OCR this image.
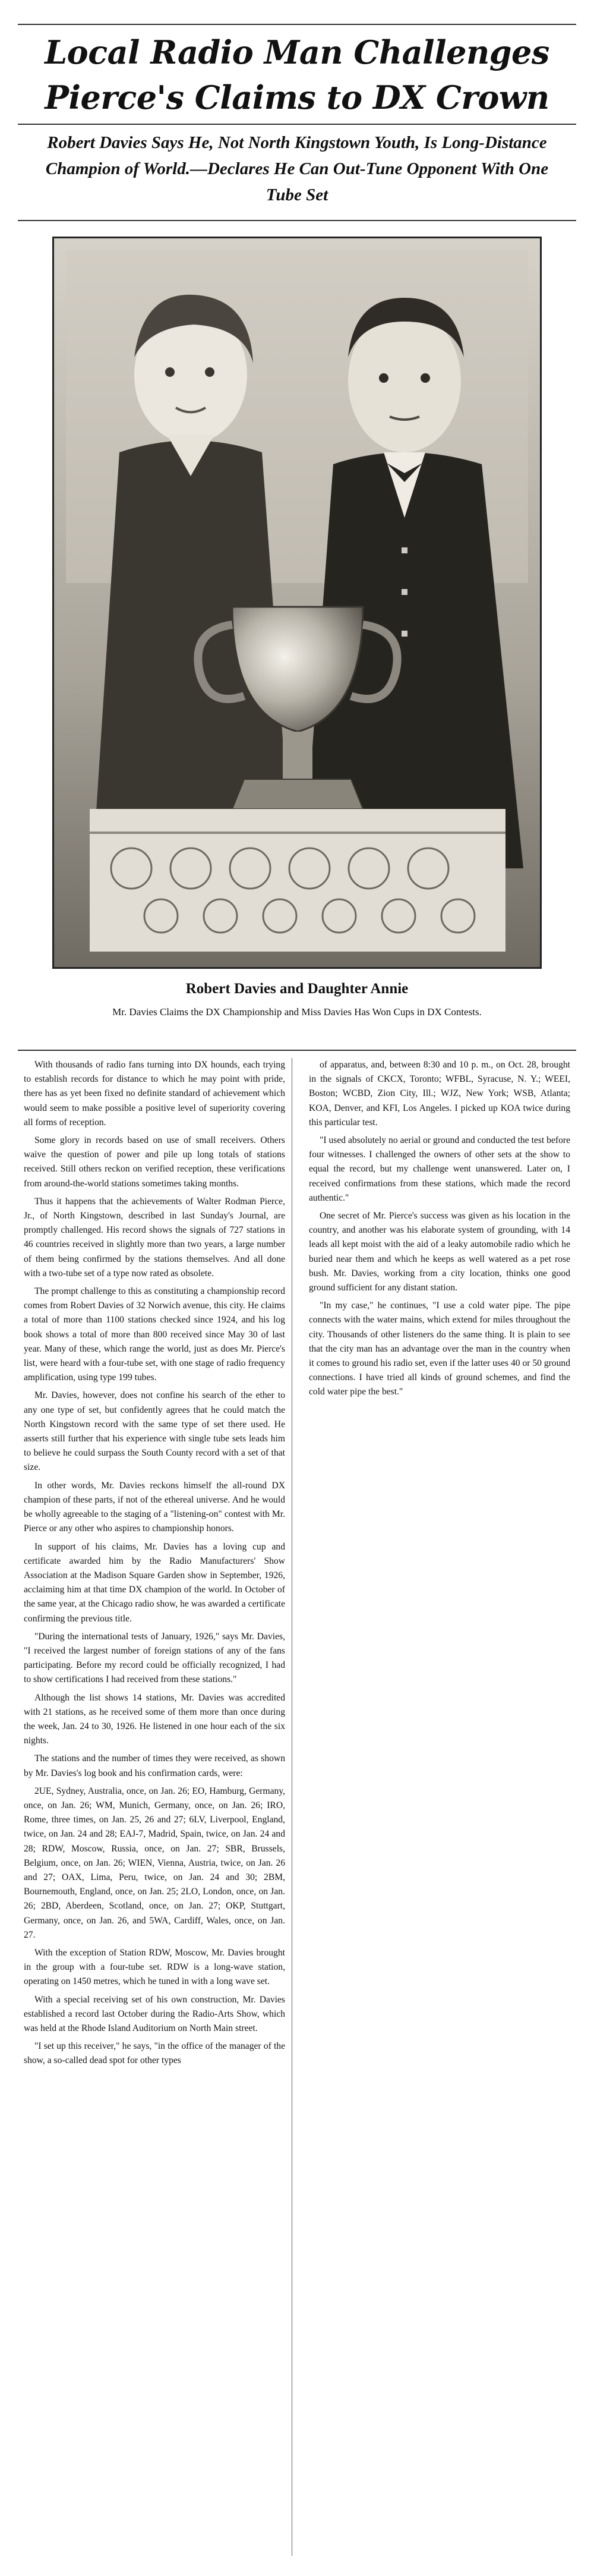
Local Radio Man Challenges
Pierce's Claims to DX Crown
Robert Davies Says He, Not North Kingstown Youth, Is Long-Distance Champion of World.—Declares He Can Out-Tune Opponent With One Tube Set
Robert Davies and Daughter Annie
Mr. Davies Claims the DX Championship and Miss Davies Has Won Cups in DX Contests.

With thousands of radio fans turning into DX hounds, each trying to establish records for distance to which he may point with pride, there has as yet been fixed no definite standard of achievement which would seem to make possible a positive level of superiority covering all forms of reception.

Some glory in records based on use of small receivers. Others waive the question of power and pile up long totals of stations received. Still others reckon on verified reception, these verifications from around-the-world stations sometimes taking months.

Thus it happens that the achievements of Walter Rodman Pierce, Jr., of North Kingstown, described in last Sunday's Journal, are promptly challenged. His record shows the signals of 727 stations in 46 countries received in slightly more than two years, a large number of them being confirmed by the stations themselves. And all done with a two-tube set of a type now rated as obsolete.

The prompt challenge to this as constituting a championship record comes from Robert Davies of 32 Norwich avenue, this city. He claims a total of more than 1100 stations checked since 1924, and his log book shows a total of more than 800 received since May 30 of last year. Many of these, which range the world, just as does Mr. Pierce's list, were heard with a four-tube set, with one stage of radio frequency amplification, using type 199 tubes.

Mr. Davies, however, does not confine his search of the ether to any one type of set, but confidently agrees that he could match the North Kingstown record with the same type of set there used. He asserts still further that his experience with single tube sets leads him to believe he could surpass the South County record with a set of that size.

In other words, Mr. Davies reckons himself the all-round DX champion of these parts, if not of the ethereal universe. And he would be wholly agreeable to the staging of a "listening-on" contest with Mr. Pierce or any other who aspires to championship honors.

In support of his claims, Mr. Davies has a loving cup and certificate awarded him by the Radio Manufacturers' Show Association at the Madison Square Garden show in September, 1926, acclaiming him at that time DX champion of the world. In October of the same year, at the Chicago radio show, he was awarded a certificate confirming the previous title.

"During the international tests of January, 1926," says Mr. Davies, "I received the largest number of foreign stations of any of the fans participating. Before my record could be officially recognized, I had to show certifications I had received from these stations."

Although the list shows 14 stations, Mr. Davies was accredited with 21 stations, as he received some of them more than once during the week, Jan. 24 to 30, 1926. He listened in one hour each of the six nights.

The stations and the number of times they were received, as shown by Mr. Davies's log book and his confirmation cards, were:

2UE, Sydney, Australia, once, on Jan. 26; EO, Hamburg, Germany, once, on Jan. 26; WM, Munich, Germany, once, on Jan. 26; IRO, Rome, three times, on Jan. 25, 26 and 27; 6LV, Liverpool, England, twice, on Jan. 24 and 28; EAJ-7, Madrid, Spain, twice, on Jan. 24 and 28; RDW, Moscow, Russia, once, on Jan. 27; SBR, Brussels, Belgium, once, on Jan. 26; WIEN, Vienna, Austria, twice, on Jan. 26 and 27; OAX, Lima, Peru, twice, on Jan. 24 and 30; 2BM, Bournemouth, England, once, on Jan. 25; 2LO, London, once, on Jan. 26; 2BD, Aberdeen, Scotland, once, on Jan. 27; OKP, Stuttgart, Germany, once, on Jan. 26, and 5WA, Cardiff, Wales, once, on Jan. 27.

With the exception of Station RDW, Moscow, Mr. Davies brought in the group with a four-tube set. RDW is a long-wave station, operating on 1450 metres, which he tuned in with a long wave set.

With a special receiving set of his own construction, Mr. Davies established a record last October during the Radio-Arts Show, which was held at the Rhode Island Auditorium on North Main street.

"I set up this receiver," he says, "in the office of the manager of the show, a so-called dead spot for other types

of apparatus, and, between 8:30 and 10 p. m., on Oct. 28, brought in the signals of CKCX, Toronto; WFBL, Syracuse, N. Y.; WEEI, Boston; WCBD, Zion City, Ill.; WJZ, New York; WSB, Atlanta; KOA, Denver, and KFI, Los Angeles. I picked up KOA twice during this particular test.

"I used absolutely no aerial or ground and conducted the test before four witnesses. I challenged the owners of other sets at the show to equal the record, but my challenge went unanswered. Later on, I received confirmations from these stations, which made the record authentic."

One secret of Mr. Pierce's success was given as his location in the country, and another was his elaborate system of grounding, with 14 leads all kept moist with the aid of a leaky automobile radio which he buried near them and which he keeps as well watered as a pet rose bush. Mr. Davies, working from a city location, thinks one good ground sufficient for any distant station.

"In my case," he continues, "I use a cold water pipe. The pipe connects with the water mains, which extend for miles throughout the city. Thousands of other listeners do the same thing. It is plain to see that the city man has an advantage over the man in the country when it comes to ground his radio set, even if the latter uses 40 or 50 ground connections. I have tried all kinds of ground schemes, and find the cold water pipe the best."
